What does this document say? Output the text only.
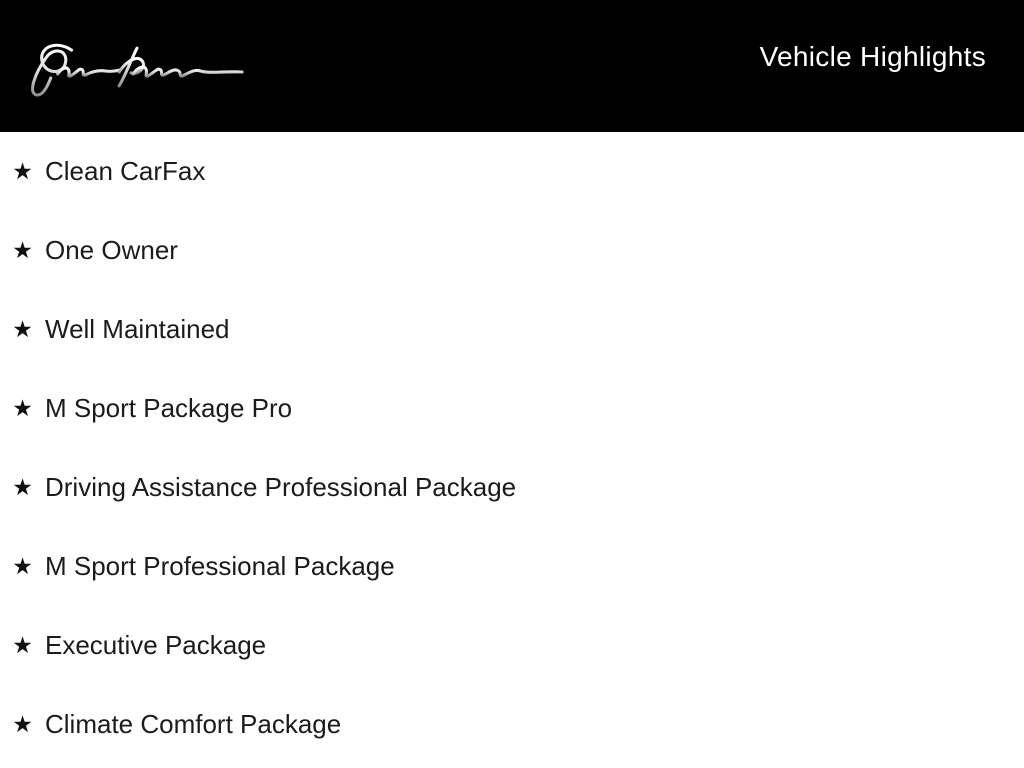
Vehicle Highlights
★ Clean CarFax
★ One Owner
★ Well Maintained
★ M Sport Package Pro
★ Driving Assistance Professional Package
★ M Sport Professional Package
★ Executive Package
★ Climate Comfort Package
